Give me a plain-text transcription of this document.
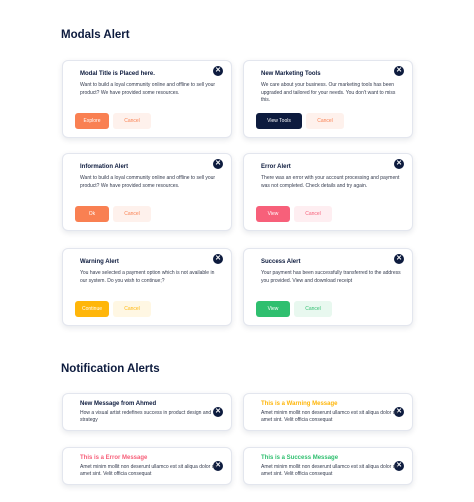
Modals Alert
✕
Modal Title is Placed here.
Want to build a loyal community online and offline to sell your product? We have provided some resources.
Explore	Cancel
✕
New Marketing Tools
We care about your business. Our marketing tools has been upgraded and tailored for your needs. You don't want to miss this.
View Tools	Cancel
✕
Information Alert
Want to build a loyal community online and offline to sell your product? We have provided some resources.
Ok	Cancel
✕
Error Alert
There was an error with your account processing and payment was not completed. Check details and try again.
View	Cancel
✕
Warning Alert
You have selected a payment option which is not available in our system. Do you wish to continue;?
Continue	Cancel
✕
Success Alert
Your payment has been successfully transferred to the address you provided. View and download receipt
View	Cancel
Notification Alerts
✕
New Message from Ahmed
How a visual artist redefines success in product design and strategy
✕
This is a Warning Message
Amet minim mollit non deserunt ullamco est sit aliqua dolor do amet sint. Velit officia consequat
✕
This is a Error Message
Amet minim mollit non deserunt ullamco est sit aliqua dolor do amet sint. Velit officia consequat
✕
This is a Success Message
Amet minim mollit non deserunt ullamco est sit aliqua dolor do amet sint. Velit officia consequat
